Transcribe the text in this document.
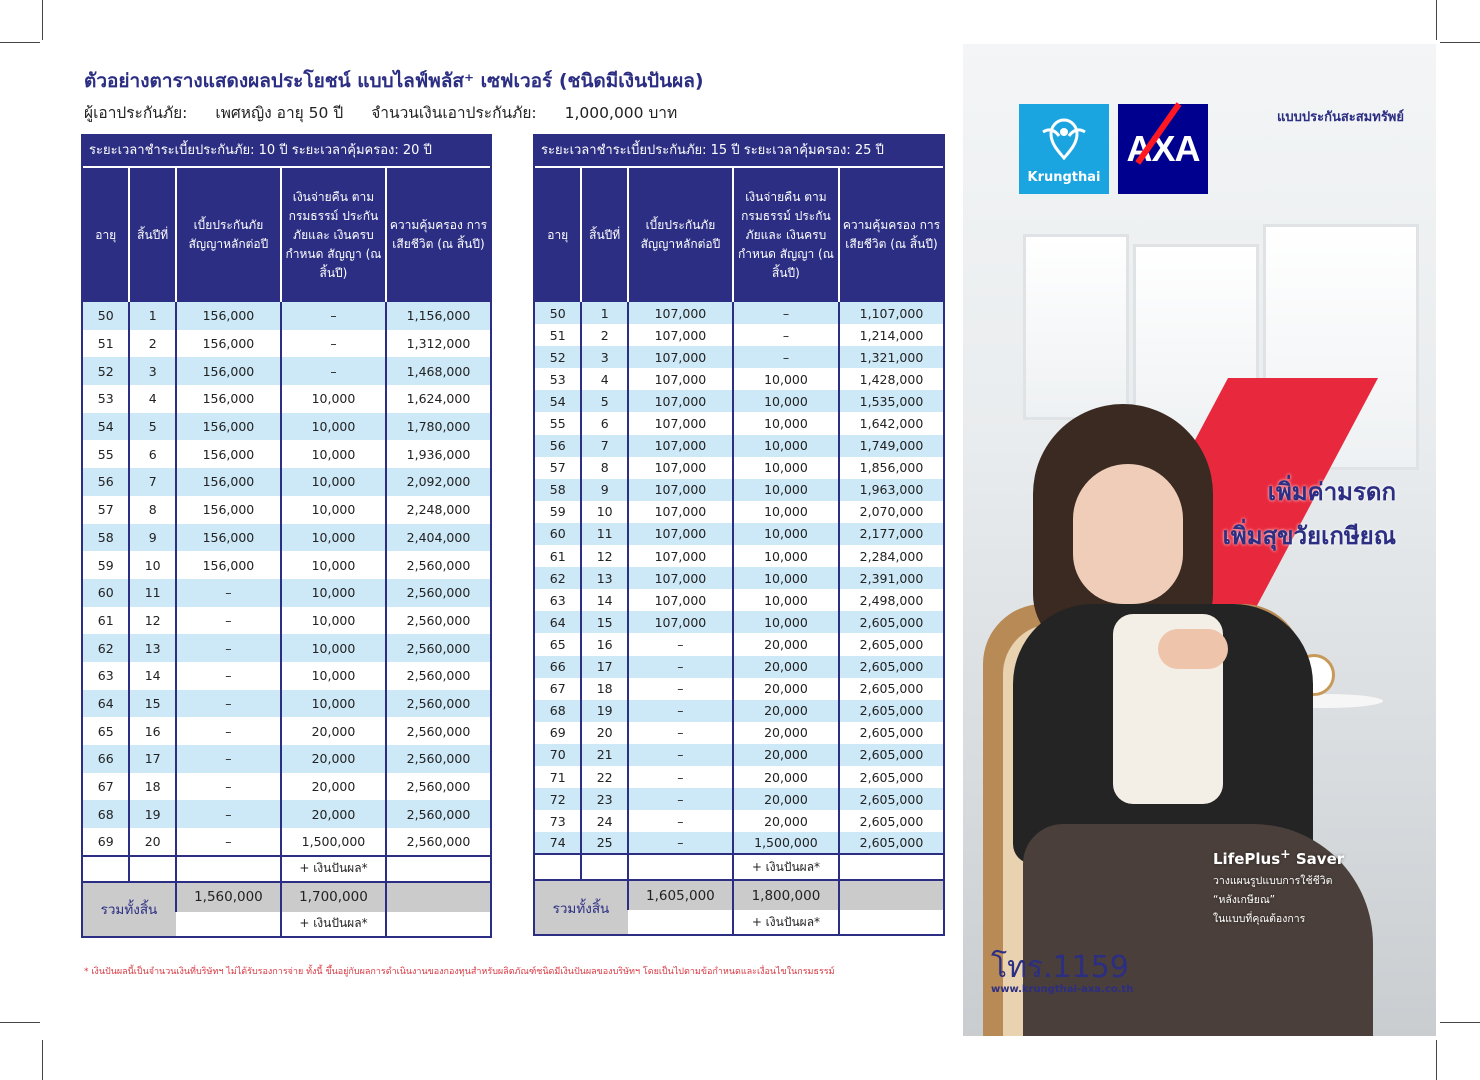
ตัวอย่างตารางแสดงผลประโยชน์ แบบไลฟ์พลัส⁺ เซฟเวอร์ (ชนิดมีเงินปันผล)
ผู้เอาประกันภัย: เพศหญิง อายุ 50 ปี จำนวนเงินเอาประกันภัย: 1,000,000 บาท
ระยะเวลาชำระเบี้ยประกันภัย: 10 ปี ระยะเวลาคุ้มครอง: 20 ปี
อายุ	สิ้นปีที่	เบี้ยประกันภัย สัญญาหลักต่อปี	เงินจ่ายคืน ตามกรมธรรม์ ประกันภัยและ เงินครบกำหนด สัญญา (ณ สิ้นปี)	ความคุ้มครอง การเสียชีวิต (ณ สิ้นปี)
50	1	156,000	–	1,156,000
51	2	156,000	–	1,312,000
52	3	156,000	–	1,468,000
53	4	156,000	10,000	1,624,000
54	5	156,000	10,000	1,780,000
55	6	156,000	10,000	1,936,000
56	7	156,000	10,000	2,092,000
57	8	156,000	10,000	2,248,000
58	9	156,000	10,000	2,404,000
59	10	156,000	10,000	2,560,000
60	11	–	10,000	2,560,000
61	12	–	10,000	2,560,000
62	13	–	10,000	2,560,000
63	14	–	10,000	2,560,000
64	15	–	10,000	2,560,000
65	16	–	20,000	2,560,000
66	17	–	20,000	2,560,000
67	18	–	20,000	2,560,000
68	19	–	20,000	2,560,000
69	20	–	1,500,000	2,560,000
			+ เงินปันผล*	
รวมทั้งสิ้น		1,560,000	1,700,000	
			+ เงินปันผล*	
ระยะเวลาชำระเบี้ยประกันภัย: 15 ปี ระยะเวลาคุ้มครอง: 25 ปี
อายุ	สิ้นปีที่	เบี้ยประกันภัย สัญญาหลักต่อปี	เงินจ่ายคืน ตามกรมธรรม์ ประกันภัยและ เงินครบกำหนด สัญญา (ณ สิ้นปี)	ความคุ้มครอง การเสียชีวิต (ณ สิ้นปี)
50	1	107,000	–	1,107,000
51	2	107,000	–	1,214,000
52	3	107,000	–	1,321,000
53	4	107,000	10,000	1,428,000
54	5	107,000	10,000	1,535,000
55	6	107,000	10,000	1,642,000
56	7	107,000	10,000	1,749,000
57	8	107,000	10,000	1,856,000
58	9	107,000	10,000	1,963,000
59	10	107,000	10,000	2,070,000
60	11	107,000	10,000	2,177,000
61	12	107,000	10,000	2,284,000
62	13	107,000	10,000	2,391,000
63	14	107,000	10,000	2,498,000
64	15	107,000	10,000	2,605,000
65	16	–	20,000	2,605,000
66	17	–	20,000	2,605,000
67	18	–	20,000	2,605,000
68	19	–	20,000	2,605,000
69	20	–	20,000	2,605,000
70	21	–	20,000	2,605,000
71	22	–	20,000	2,605,000
72	23	–	20,000	2,605,000
73	24	–	20,000	2,605,000
74	25	–	1,500,000	2,605,000
			+ เงินปันผล*	
รวมทั้งสิ้น		1,605,000	1,800,000	
			+ เงินปันผล*	
* เงินปันผลนี้เป็นจำนวนเงินที่บริษัทฯ ไม่ได้รับรองการจ่าย ทั้งนี้ ขึ้นอยู่กับผลการดำเนินงานของกองทุนสำหรับผลิตภัณฑ์ชนิดมีเงินปันผลของบริษัทฯ โดยเป็นไปตามข้อกำหนดและเงื่อนไขในกรมธรรม์
Krungthai
AXA
แบบประกันสะสมทรัพย์
เพิ่มค่ามรดก
เพิ่มสุขวัยเกษียณ
LifePlus+ Saver
วางแผนรูปแบบการใช้ชีวิต
“หลังเกษียณ”
ในแบบที่คุณต้องการ
โทร.1159
www.krungthai-axa.co.th
